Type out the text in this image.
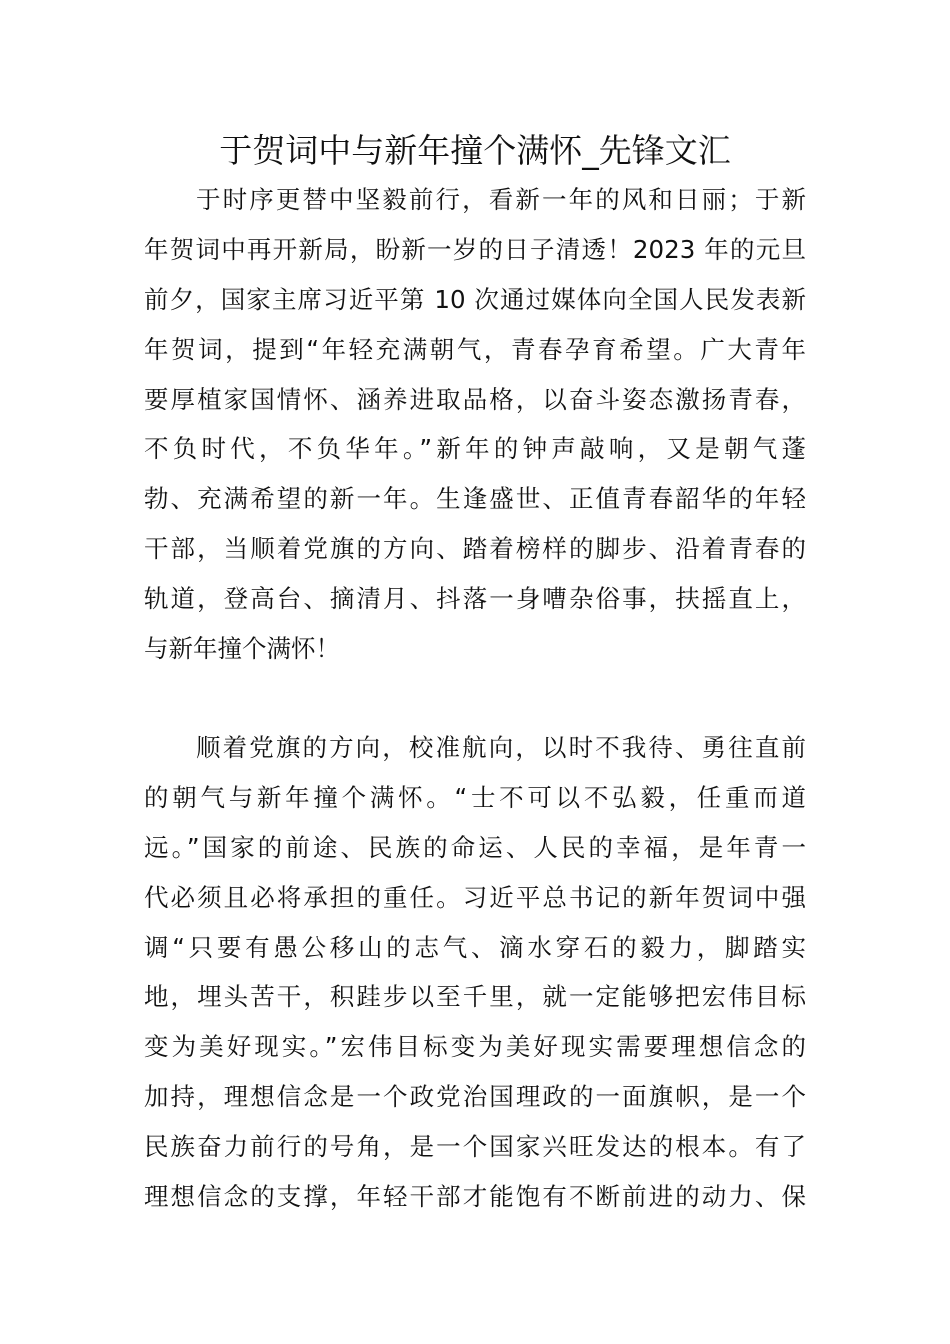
于贺词中与新年撞个满怀_先锋文汇
于时序更替中坚毅前行，看新一年的风和日丽；于新
年贺词中再开新局，盼新一岁的日子清透！2023 年的元旦
前夕，国家主席习近平第 10 次通过媒体向全国人民发表新
年贺词，提到“年轻充满朝气，青春孕育希望。广大青年
要厚植家国情怀、涵养进取品格，以奋斗姿态激扬青春，
不负时代，不负华年。”新年的钟声敲响，又是朝气蓬
勃、充满希望的新一年。生逢盛世、正值青春韶华的年轻
干部，当顺着党旗的方向、踏着榜样的脚步、沿着青春的
轨道，登高台、摘清月、抖落一身嘈杂俗事，扶摇直上，
与新年撞个满怀！
顺着党旗的方向，校准航向，以时不我待、勇往直前
的朝气与新年撞个满怀。“士不可以不弘毅，任重而道
远。”国家的前途、民族的命运、人民的幸福，是年青一
代必须且必将承担的重任。习近平总书记的新年贺词中强
调“只要有愚公移山的志气、滴水穿石的毅力，脚踏实
地，埋头苦干，积跬步以至千里，就一定能够把宏伟目标
变为美好现实。”宏伟目标变为美好现实需要理想信念的
加持，理想信念是一个政党治国理政的一面旗帜，是一个
民族奋力前行的号角，是一个国家兴旺发达的根本。有了
理想信念的支撑，年轻干部才能饱有不断前进的动力、保
